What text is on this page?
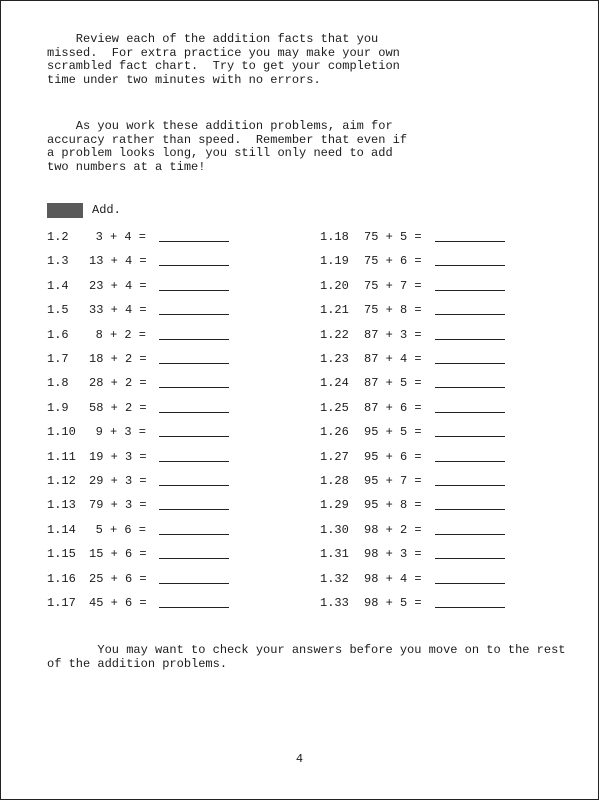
Review each of the addition facts that you
missed.  For extra practice you may make your own
scrambled fact chart.  Try to get your completion
time under two minutes with no errors.

As you work these addition problems, aim for
accuracy rather than speed.  Remember that even if
a problem looks long, you still only need to add
two numbers at a time!

Add.
1.2	3 + 4 =
1.3 13 + 4 =
1.4 23 + 4 =
1.5 33 + 4 =
1.6	8 + 2 =
1.7 18 + 2 =
1.8 28 + 2 =
1.9 58 + 2 =
1.10	9 + 3 =
1.11 19 + 3 =
1.12 29 + 3 =
1.13 79 + 3 =
1.14	5 + 6 =
1.15 15 + 6 =
1.16 25 + 6 =
1.17 45 + 6 =
1.18 75 + 5 =
1.19 75 + 6 =
1.20 75 + 7 =
1.21 75 + 8 =
1.22 87 + 3 =
1.23 87 + 4 =
1.24 87 + 5 =
1.25 87 + 6 =
1.26 95 + 5 =
1.27 95 + 6 =
1.28 95 + 7 =
1.29 95 + 8 =
1.30 98 + 2 =
1.31 98 + 3 =
1.32 98 + 4 =
1.33 98 + 5 =

You may want to check your answers before you move on to the rest
of the addition problems.

4
